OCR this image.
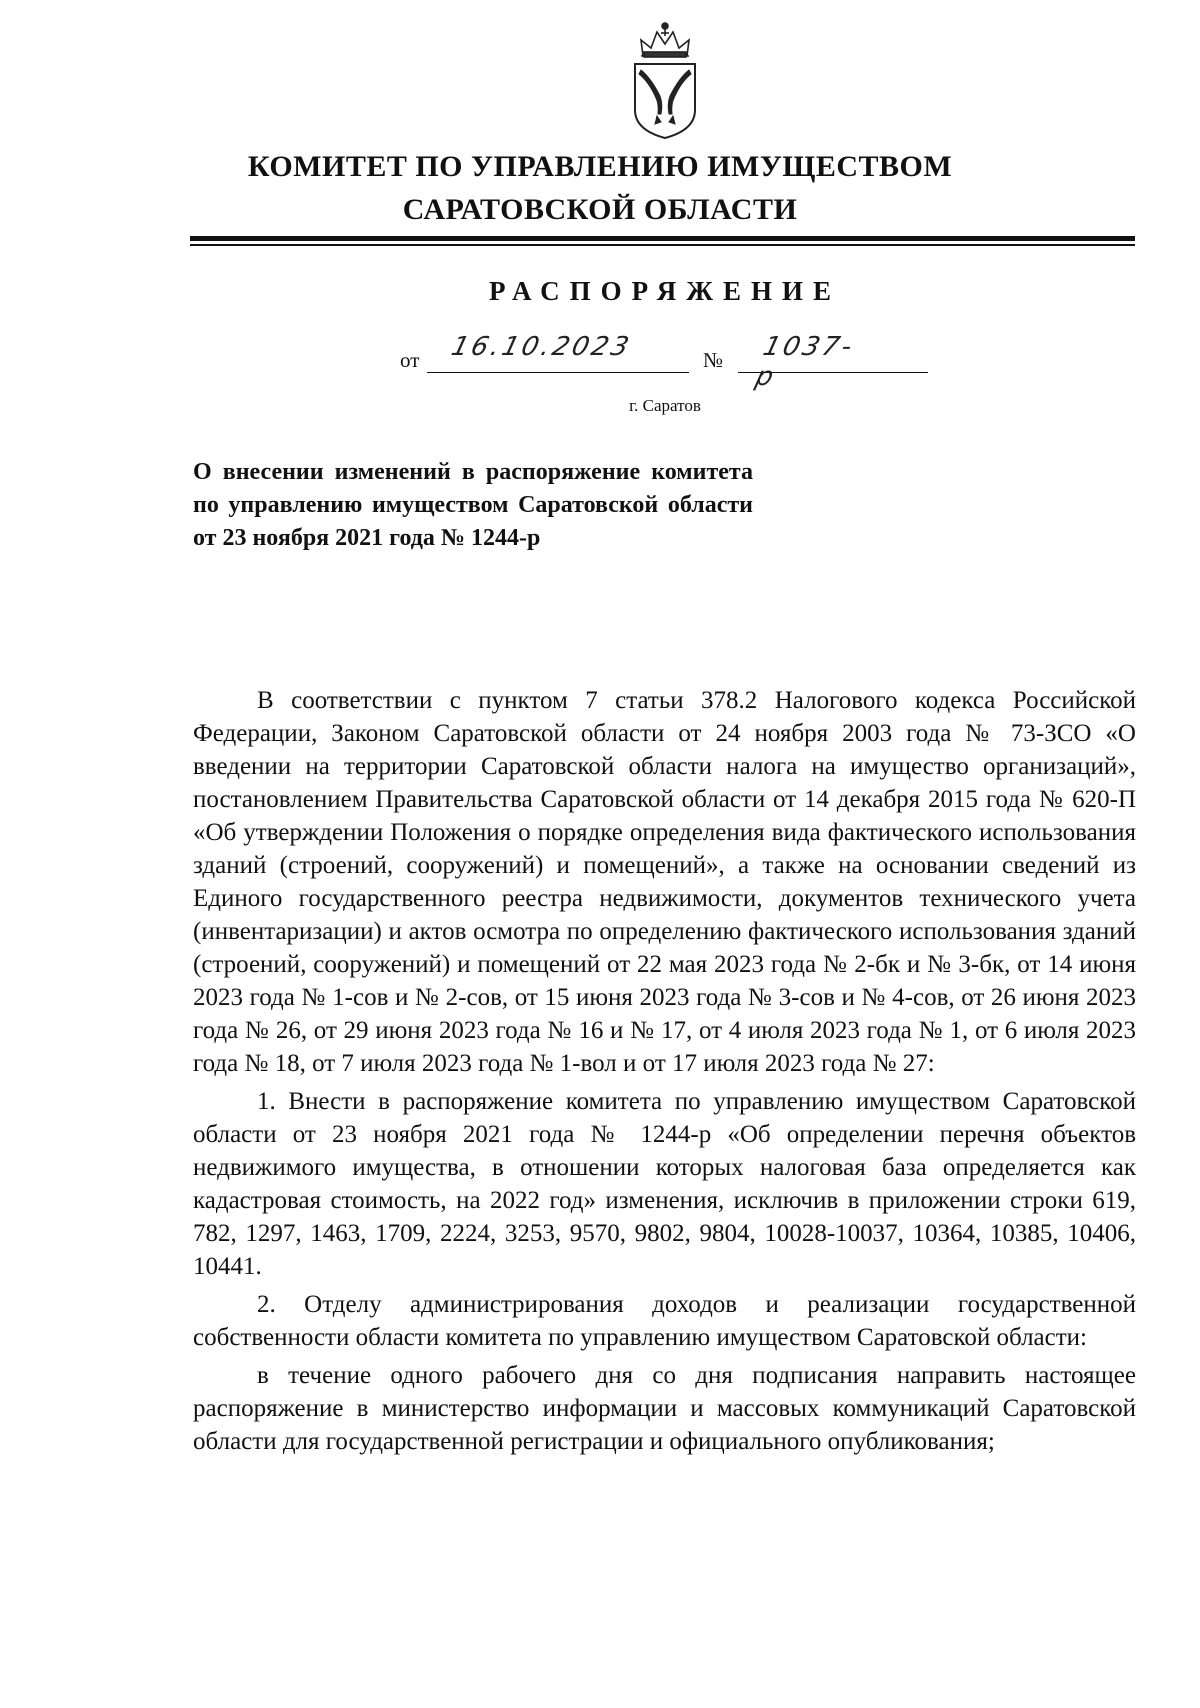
КОМИТЕТ ПО УПРАВЛЕНИЮ ИМУЩЕСТВОМ
САРАТОВСКОЙ ОБЛАСТИ
РАСПОРЯЖЕНИЕ
от 16.10.2023	№ 1037-р
г. Саратов
О внесении изменений в распоряжение комитета по управлению имуществом Саратовской области от 23 ноября 2021 года № 1244-р

В соответствии с пунктом 7 статьи 378.2 Налогового кодекса Российской Федерации, Законом Саратовской области от 24 ноября 2003 года № 73-ЗСО «О введении на территории Саратовской области налога на имущество организаций», постановлением Правительства Саратовской области от 14 декабря 2015 года № 620-П «Об утверждении Положения о порядке определения вида фактического использования зданий (строений, сооружений) и помещений», а также на основании сведений из Единого государственного реестра недвижимости, документов технического учета (инвентаризации) и актов осмотра по определению фактического использования зданий (строений, сооружений) и помещений от 22 мая 2023 года № 2-бк и № 3-бк, от 14 июня 2023 года № 1-сов и № 2-сов, от 15 июня 2023 года № 3-сов и № 4-сов, от 26 июня 2023 года № 26, от 29 июня 2023 года № 16 и № 17, от 4 июля 2023 года № 1, от 6 июля 2023 года № 18, от 7 июля 2023 года № 1-вол и от 17 июля 2023 года № 27:

1. Внести в распоряжение комитета по управлению имуществом Саратовской области от 23 ноября 2021 года № 1244-р «Об определении перечня объектов недвижимого имущества, в отношении которых налоговая база определяется как кадастровая стоимость, на 2022 год» изменения, исключив в приложении строки 619, 782, 1297, 1463, 1709, 2224, 3253, 9570, 9802, 9804, 10028-10037, 10364, 10385, 10406, 10441.

2. Отделу администрирования доходов и реализации государственной собственности области комитета по управлению имуществом Саратовской области:

в течение одного рабочего дня со дня подписания направить настоящее распоряжение в министерство информации и массовых коммуникаций Саратовской области для государственной регистрации и официального опубликования;
